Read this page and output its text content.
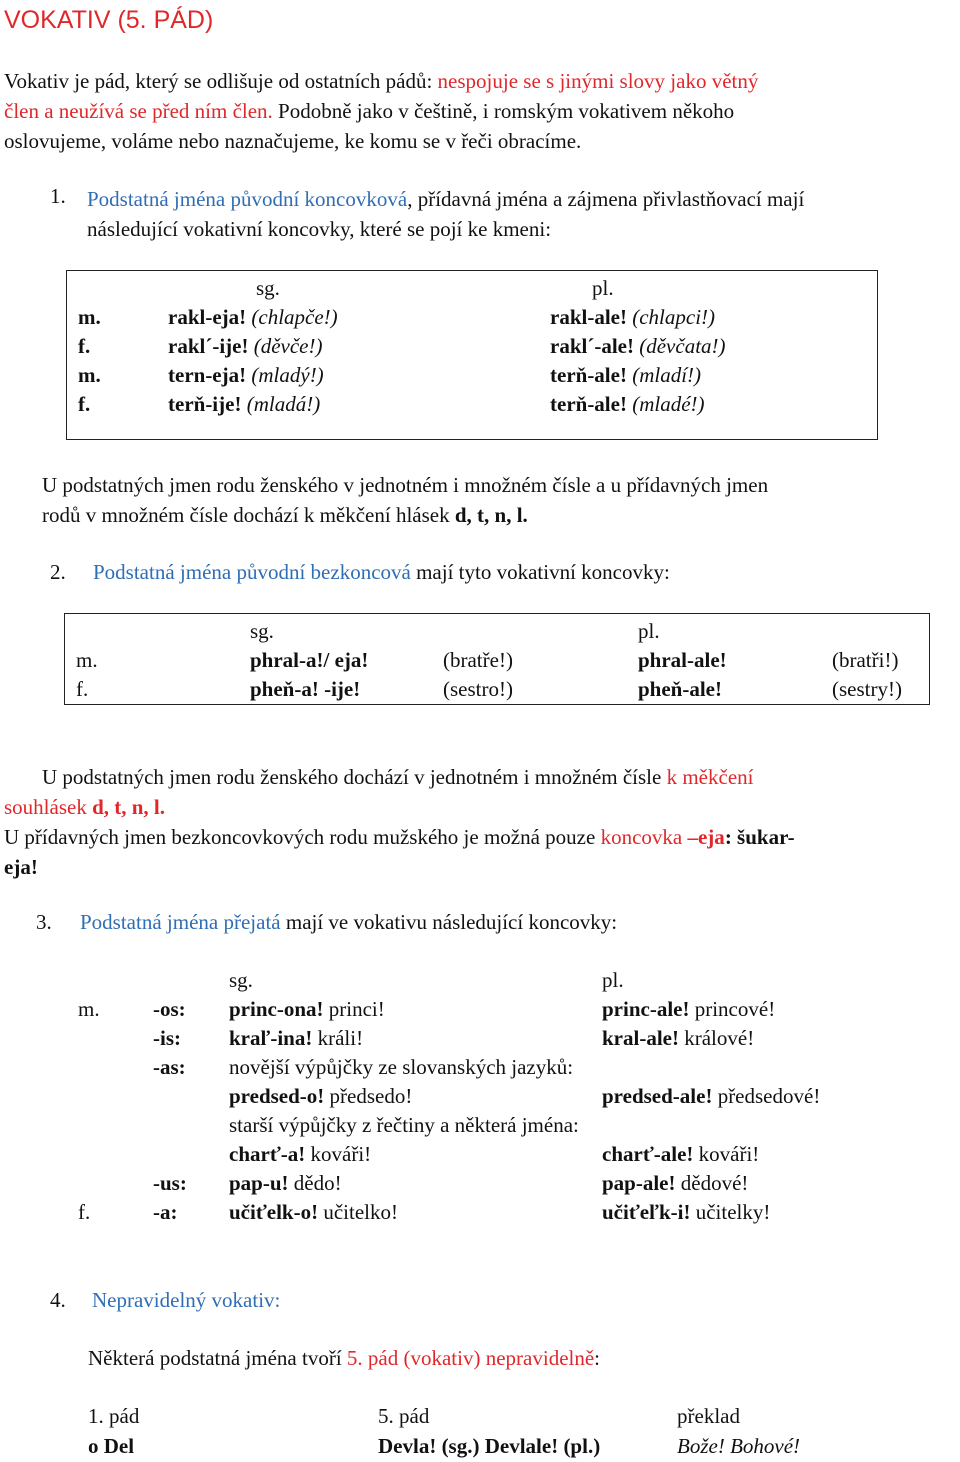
VOKATIV (5. PÁD)
Vokativ je pád, který se odlišuje od ostatních pádů: nespojuje se s jinými slovy jako větný
člen a neužívá se před ním člen. Podobně jako v češtině, i romským vokativem někoho
oslovujeme, voláme nebo naznačujeme, ke komu se v řeči obracíme.
1. Podstatná jména původní koncovková, přídavná jména a zájmena přivlastňovací mají
následující vokativní koncovky, které se pojí ke kmeni:
sg.	pl.
m.	rakl-eja! (chlapče!)	rakl-ale! (chlapci!)
f.	rakl´-ije! (děvče!)	rakl´-ale! (děvčata!)
m.	tern-eja! (mladý!)	terň-ale! (mladí!)
f.	terň-ije! (mladá!)	terň-ale! (mladé!)
U podstatných jmen rodu ženského v jednotném i množném čísle a u přídavných jmen
rodů v množném čísle dochází k měkčení hlásek d, t, n, l.
2. Podstatná jména původní bezkoncová mají tyto vokativní koncovky:
sg.	pl.
m.	phral-a!/ eja!	(bratře!)	phral-ale!	(bratři!)
f.	pheň-a! -ije!	(sestro!)	pheň-ale!	(sestry!)
U podstatných jmen rodu ženského dochází v jednotném i množném čísle k měkčení
souhlásek d, t, n, l.
U přídavných jmen bezkoncovkových rodu mužského je možná pouze koncovka –eja: šukar-
eja!
3. Podstatná jména přejatá mají ve vokativu následující koncovky:
sg.	pl.
m.	-os: princ-ona! princi!	princ-ale! princové!
-is: kraľ-ina! králi!	kral-ale! králové!
-as: novější výpůjčky ze slovanských jazyků:
predsed-o! předsedo!	predsed-ale! předsedové!
starší výpůjčky z řečtiny a některá jména:
charť-a! kováři!	charť-ale! kováři!
-us: pap-u! dědo!	pap-ale! dědové!
f.	-a: učiťelk-o! učitelko!	učiťeľk-i! učitelky!
4. Nepravidelný vokativ:
Některá podstatná jména tvoří 5. pád (vokativ) nepravidelně:
1. pád	5. pád	překlad
o Del	Devla! (sg.) Devlale! (pl.)	Bože! Bohové!
